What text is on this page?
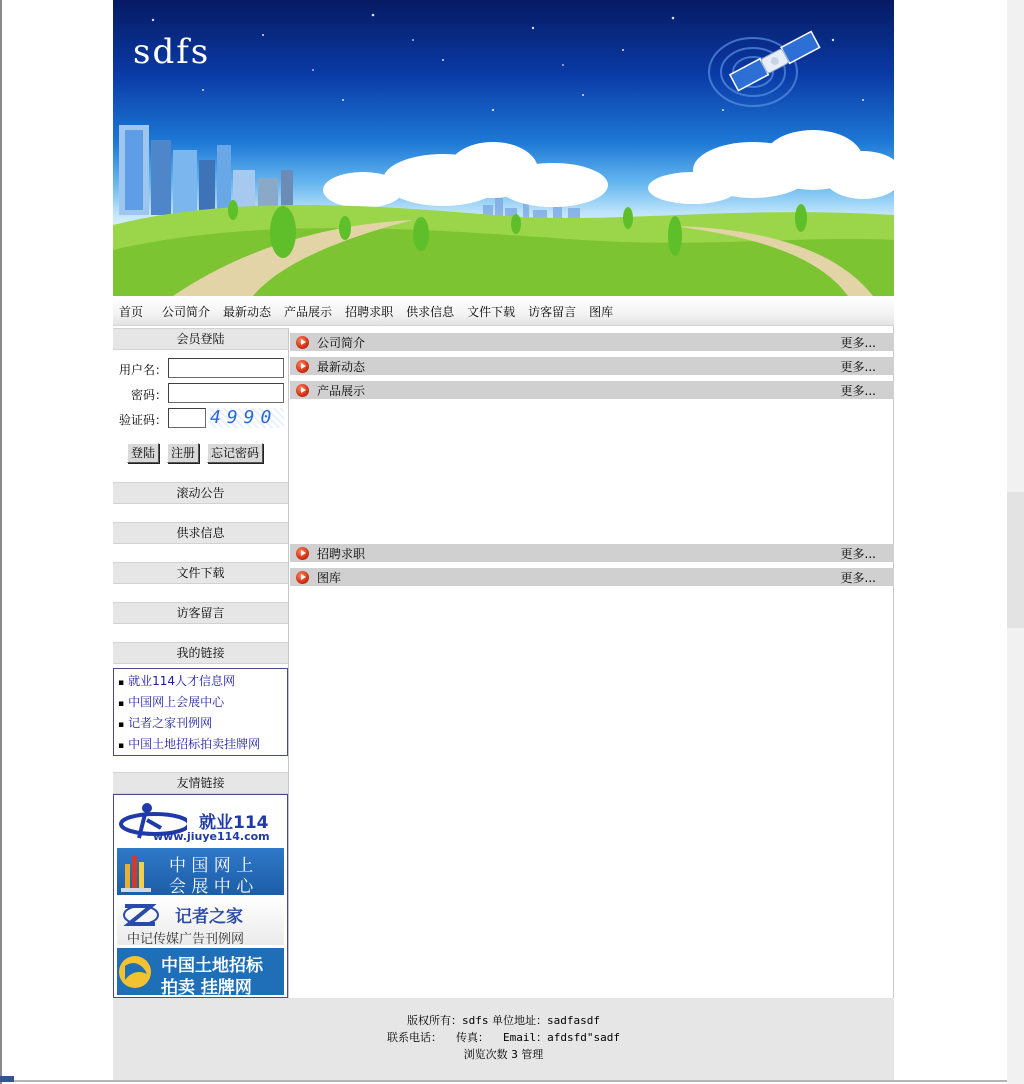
sdfs
首页 公司简介 最新动态 产品展示 招聘求职 供求信息 文件下载 访客留言 图库
会员登陆
用户名：
密码：
验证码： 4990
登陆	注册	忘记密码
滚动公告
供求信息
文件下载
访客留言
我的链接
▪ 就业114人才信息网
▪ 中国网上会展中心
▪ 记者之家刊例网
▪ 中国土地招标拍卖挂牌网
友情链接
就业114
www.jiuye114.com
中 国 网 上
会 展 中 心
记者之家
中记传媒广告刊例网
中国土地招标
拍卖 挂牌网
公司简介	更多...
最新动态	更多...
产品展示	更多...
招聘求职	更多...
图库	更多...
版权所有：sdfs 单位地址：sadfasdf
联系电话： 传真： Email：afdsfd"sadf
浏览次数 3 管理
